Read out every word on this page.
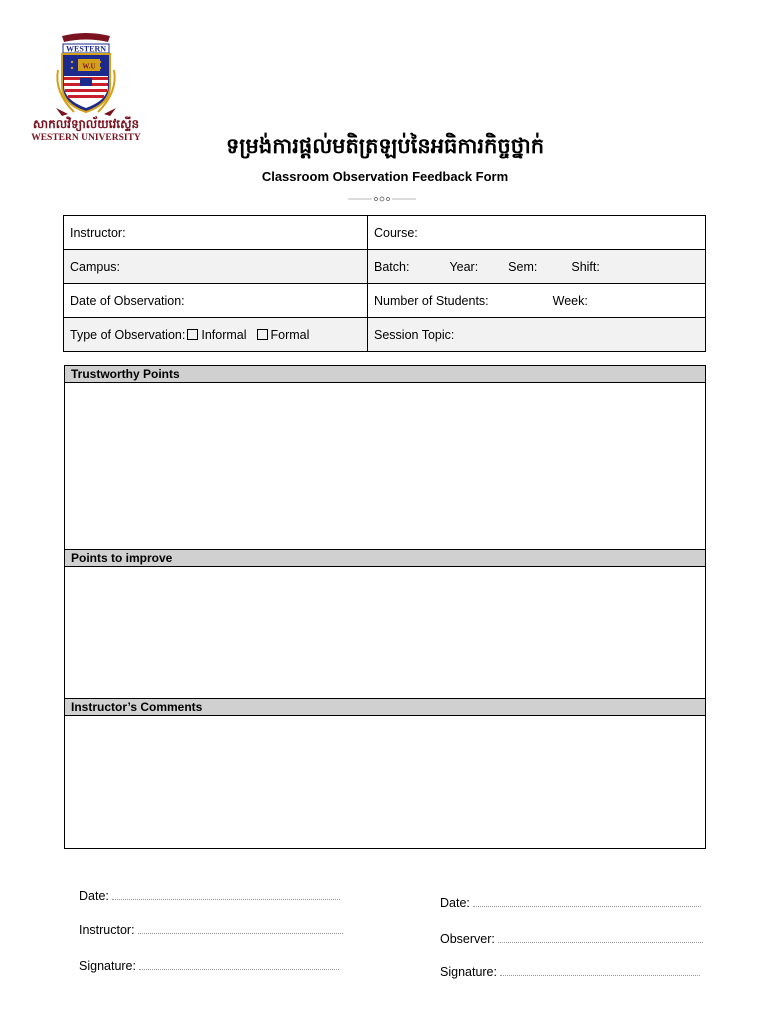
WESTERN
W.U
សាកលវិទ្យាល័យវេស្ទើន
WESTERN UNIVERSITY	ទម្រង់ការផ្តល់មតិត្រឡប់នៃអធិការកិច្ចថ្នាក់
Classroom Observation Feedback Form
Instructor:	Course:
Campus:	Batch: Year: Sem: Shift:
Date of Observation:	Number of Students: Week:
Type of Observation: Informal Formal	Session Topic:
Trustworthy Points
Points to improve
Instructor’s Comments
Date:
Instructor:
Signature:
Date:
Observer:
Signature:
